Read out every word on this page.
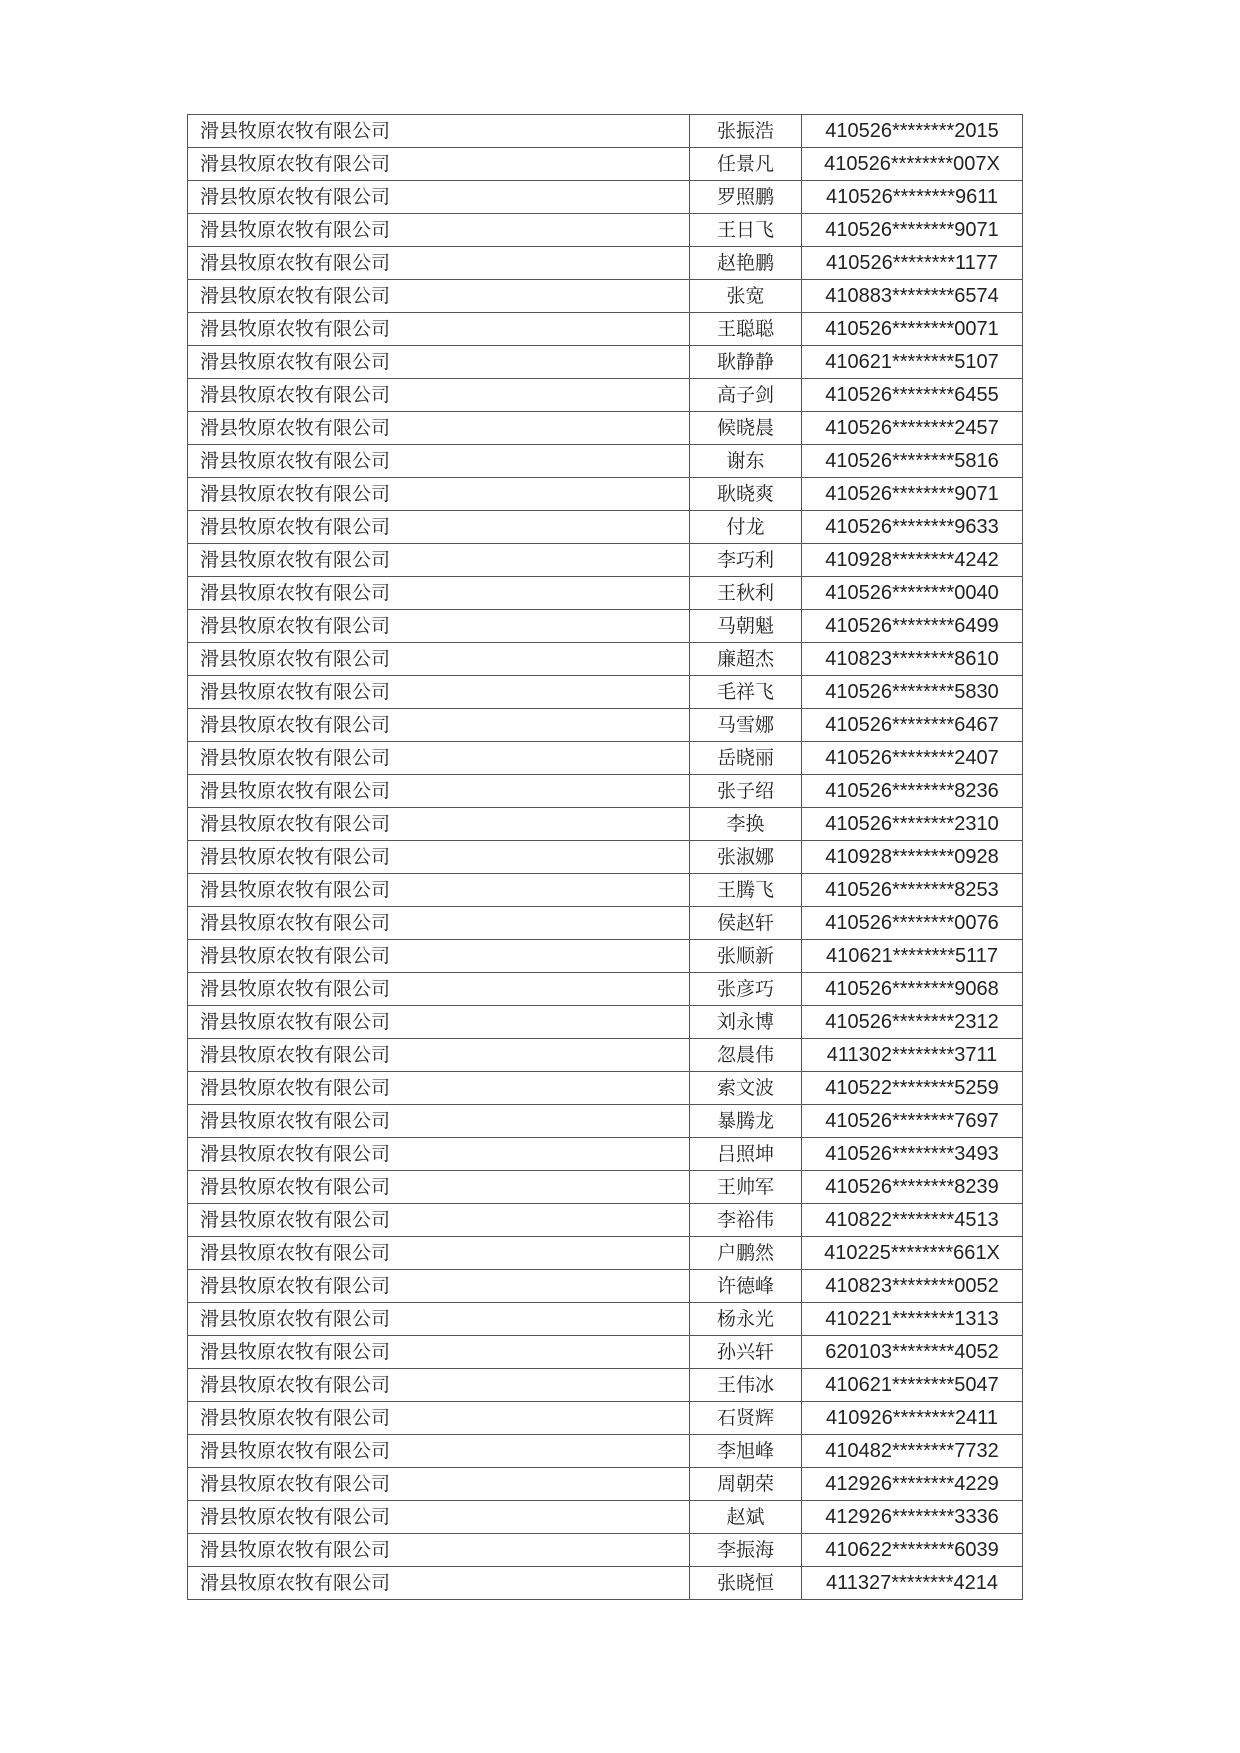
滑县牧原农牧有限公司	张振浩	410526********2015
滑县牧原农牧有限公司	任景凡	410526********007X
滑县牧原农牧有限公司	罗照鹏	410526********9611
滑县牧原农牧有限公司	王日飞	410526********9071
滑县牧原农牧有限公司	赵艳鹏	410526********1177
滑县牧原农牧有限公司	张宽	410883********6574
滑县牧原农牧有限公司	王聪聪	410526********0071
滑县牧原农牧有限公司	耿静静	410621********5107
滑县牧原农牧有限公司	高子剑	410526********6455
滑县牧原农牧有限公司	候晓晨	410526********2457
滑县牧原农牧有限公司	谢东	410526********5816
滑县牧原农牧有限公司	耿晓爽	410526********9071
滑县牧原农牧有限公司	付龙	410526********9633
滑县牧原农牧有限公司	李巧利	410928********4242
滑县牧原农牧有限公司	王秋利	410526********0040
滑县牧原农牧有限公司	马朝魁	410526********6499
滑县牧原农牧有限公司	廉超杰	410823********8610
滑县牧原农牧有限公司	毛祥飞	410526********5830
滑县牧原农牧有限公司	马雪娜	410526********6467
滑县牧原农牧有限公司	岳晓丽	410526********2407
滑县牧原农牧有限公司	张子绍	410526********8236
滑县牧原农牧有限公司	李换	410526********2310
滑县牧原农牧有限公司	张淑娜	410928********0928
滑县牧原农牧有限公司	王腾飞	410526********8253
滑县牧原农牧有限公司	侯赵轩	410526********0076
滑县牧原农牧有限公司	张顺新	410621********5117
滑县牧原农牧有限公司	张彦巧	410526********9068
滑县牧原农牧有限公司	刘永博	410526********2312
滑县牧原农牧有限公司	忽晨伟	411302********3711
滑县牧原农牧有限公司	索文波	410522********5259
滑县牧原农牧有限公司	暴腾龙	410526********7697
滑县牧原农牧有限公司	吕照坤	410526********3493
滑县牧原农牧有限公司	王帅军	410526********8239
滑县牧原农牧有限公司	李裕伟	410822********4513
滑县牧原农牧有限公司	户鹏然	410225********661X
滑县牧原农牧有限公司	许德峰	410823********0052
滑县牧原农牧有限公司	杨永光	410221********1313
滑县牧原农牧有限公司	孙兴轩	620103********4052
滑县牧原农牧有限公司	王伟冰	410621********5047
滑县牧原农牧有限公司	石贤辉	410926********2411
滑县牧原农牧有限公司	李旭峰	410482********7732
滑县牧原农牧有限公司	周朝荣	412926********4229
滑县牧原农牧有限公司	赵斌	412926********3336
滑县牧原农牧有限公司	李振海	410622********6039
滑县牧原农牧有限公司	张晓恒	411327********4214
